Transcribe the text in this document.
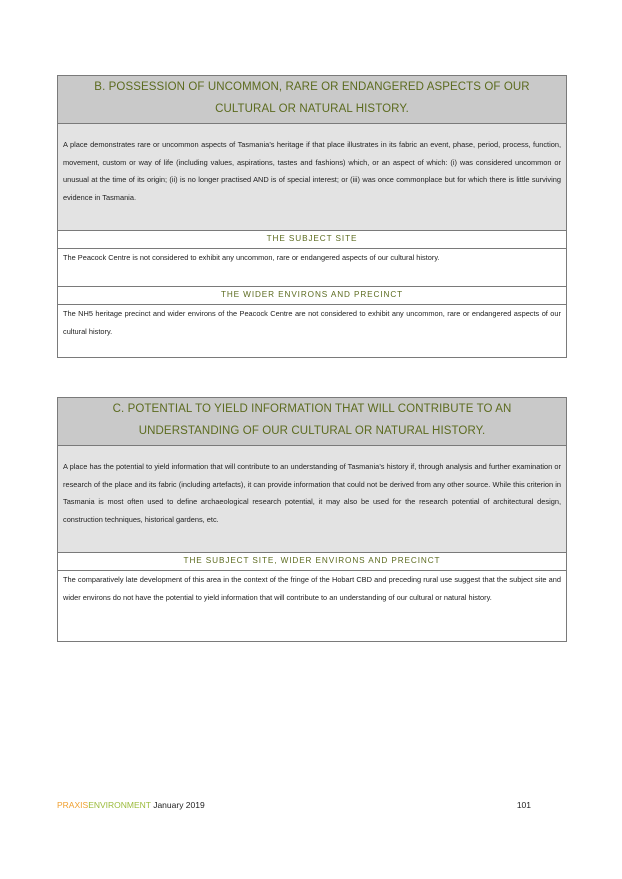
B. POSSESSION OF UNCOMMON, RARE OR ENDANGERED ASPECTS OF OUR CULTURAL OR NATURAL HISTORY.
A place demonstrates rare or uncommon aspects of Tasmania’s heritage if that place illustrates in its fabric an event, phase, period, process, function, movement, custom or way of life (including values, aspirations, tastes and fashions) which, or an aspect of which: (i) was considered uncommon or unusual at the time of its origin; (ii) is no longer practised AND is of special interest; or (iii) was once commonplace but for which there is little surviving evidence in Tasmania.
THE SUBJECT SITE
The Peacock Centre is not considered to exhibit any uncommon, rare or endangered aspects of our cultural history.
THE WIDER ENVIRONS AND PRECINCT
The NH5 heritage precinct and wider environs of the Peacock Centre are not considered to exhibit any uncommon, rare or endangered aspects of our cultural history.
C. POTENTIAL TO YIELD INFORMATION THAT WILL CONTRIBUTE TO AN UNDERSTANDING OF OUR CULTURAL OR NATURAL HISTORY.
A place has the potential to yield information that will contribute to an understanding of Tasmania’s history if, through analysis and further examination or research of the place and its fabric (including artefacts), it can provide information that could not be derived from any other source. While this criterion in Tasmania is most often used to define archaeological research potential, it may also be used for the research potential of architectural design, construction techniques, historical gardens, etc.
THE SUBJECT SITE, WIDER ENVIRONS AND PRECINCT
The comparatively late development of this area in the context of the fringe of the Hobart CBD and preceding rural use suggest that the subject site and wider environs do not have the potential to yield information that will contribute to an understanding of our cultural or natural history.
PRAXISENVIRONMENT January 2019	101
